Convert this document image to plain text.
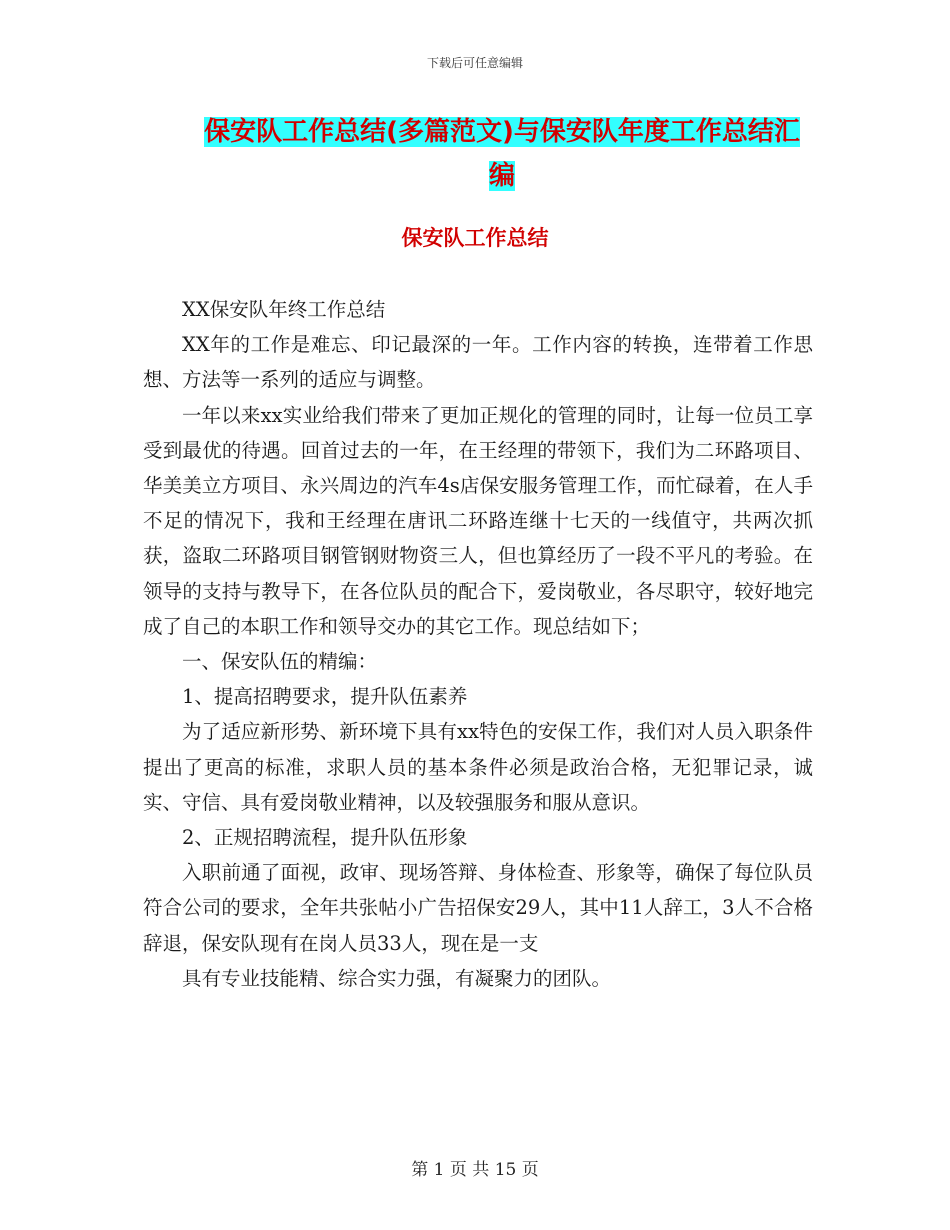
下载后可任意编辑
保安队工作总结(多篇范文)与保安队年度工作总结汇编
保安队工作总结

XX保安队年终工作总结

XX年的工作是难忘、印记最深的一年。工作内容的转换，连带着工作思想、方法等一系列的适应与调整。

一年以来xx实业给我们带来了更加正规化的管理的同时，让每一位员工享受到最优的待遇。回首过去的一年，在王经理的带领下，我们为二环路项目、华美美立方项目、永兴周边的汽车4s店保安服务管理工作，而忙碌着，在人手不足的情况下，我和王经理在唐讯二环路连继十七天的一线值守，共两次抓获，盗取二环路项目钢管钢财物资三人，但也算经历了一段不平凡的考验。在领导的支持与教导下，在各位队员的配合下，爱岗敬业，各尽职守，较好地完成了自己的本职工作和领导交办的其它工作。现总结如下；

一、保安队伍的精编：

1、提高招聘要求，提升队伍素养

为了适应新形势、新环境下具有xx特色的安保工作，我们对人员入职条件提出了更高的标准，求职人员的基本条件必须是政治合格，无犯罪记录，诚实、守信、具有爱岗敬业精神，以及较强服务和服从意识。

2、正规招聘流程，提升队伍形象

入职前通了面视，政审、现场答辩、身体检查、形象等，确保了每位队员符合公司的要求，全年共张帖小广告招保安29人，其中11人辞工，3人不合格辞退，保安队现有在岗人员33人，现在是一支

具有专业技能精、综合实力强，有凝聚力的团队。

第 1 页 共 15 页
